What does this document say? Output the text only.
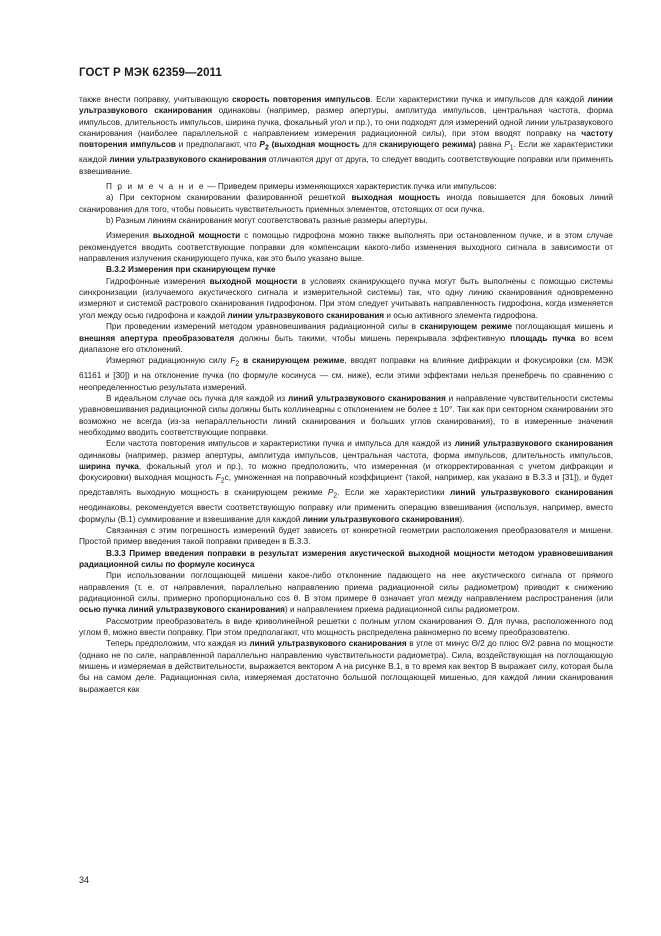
ГОСТ Р МЭК 62359—2011

также внести поправку, учитывающую скорость повторения импульсов. Если характеристики пучка и импульсов для каждой линии ультразвукового сканирования одинаковы (например, размер апертуры, амплитуда импульсов, центральная частота, форма импульсов, длительность импульсов, ширина пучка, фокальный угол и пр.), то они подходят для измерений одной линии ультразвукового сканирования (наиболее параллельной с направлением измерения радиационной силы), при этом вводят поправку на частоту повторения импульсов и предполагают, что $P_2$ (выходная мощность для сканирующего режима) равна $P_1$. Если же характеристики каждой линии ультразвукового сканирования отличаются друг от друга, то следует вводить соответствующие поправки или применять взвешивание.

П р и м е ч а н и е — Приведем примеры изменяющихся характеристик пучка или импульсов:

а) При секторном сканировании фазированной решеткой выходная мощность иногда повышается для боковых линий сканирования для того, чтобы повысить чувствительность приемных элементов, отстоящих от оси пучка.

b) Разным линиям сканирования могут соответствовать разные размеры апертуры.

Измерения выходной мощности с помощью гидрофона можно также выполнять при остановленном пучке, и в этом случае рекомендуется вводить соответствующие поправки для компенсации какого-либо изменения выходного сигнала в зависимости от направления излучения сканирующего пучка, как это было указано выше.

B.3.2 Измерения при сканирующем пучке

Гидрофонные измерения выходной мощности в условиях сканирующего пучка могут быть выполнены с помощью системы синхронизации (излучаемого акустического сигнала и измерительной системы) так, что одну линию сканирования одновременно измеряют и системой растрового сканирования гидрофоном. При этом следует учитывать направленность гидрофона, когда изменяется угол между осью гидрофона и каждой линии ультразвукового сканирования и осью активного элемента гидрофона.

При проведении измерений методом уравновешивания радиационной силы в сканирующем режиме поглощающая мишень и внешняя апертура преобразователя должны быть такими, чтобы мишень перекрывала эффективную площадь пучка во всем диапазоне его отклонений.

Измеряют радиационную силу $F_2$ в сканирующем режиме, вводят поправки на влияние дифракции и фокусировки (см. МЭК 61161 и [30]) и на отклонение пучка (по формуле косинуса — см. ниже), если этими эффектами нельзя пренебречь по сравнению с неопределенностью результата измерений.

В идеальном случае ось пучка для каждой из линий ультразвукового сканирования и направление чувствительности системы уравновешивания радиационной силы должны быть коллинеарны с отклонением не более ± 10°. Так как при секторном сканировании это возможно не всегда (из-за непараллельности линий сканирования и больших углов сканирования), то в измеренные значения необходимо вводить соответствующие поправки.

Если частота повторения импульсов и характеристики пучка и импульса для каждой из линий ультразвукового сканирования одинаковы (например, размер апертуры, амплитуда импульсов, центральная частота, форма импульсов, длительность импульсов, ширина пучка, фокальный угол и пр.), то можно предположить, что измеренная (и откорректированная с учетом дифракции и фокусировки) выходная мощность $F_2c$, умноженная на поправочный коэффициент (такой, например, как указано в B.3.3 и [31]), и будет представлять выходную мощность в сканирующем режиме $P_2$. Если же характеристики линий ультразвукового сканирования неодинаковы, рекомендуется ввести соответствующую поправку или применить операцию взвешивания (используя, например, вместо формулы (B.1) суммирование и взвешивание для каждой линии ультразвукового сканирования).

Связанная с этим погрешность измерений будет зависеть от конкретной геометрии расположения преобразователя и мишени. Простой пример введения такой поправки приведен в B.3.3.

B.3.3 Пример введения поправки в результат измерения акустической выходной мощности методом уравновешивания радиационной силы по формуле косинуса

При использовании поглощающей мишени какое-либо отклонение падающего на нее акустического сигнала от прямого направления (т. е. от направления, параллельно направлению приема радиационной силы радиометром) приводит к снижению радиационной силы, примерно пропорционально cos θ. В этом примере θ означает угол между направлением распространения (или осью пучка линий ультразвукового сканирования) и направлением приема радиационной силы радиометром.

Рассмотрим преобразователь в виде криволинейной решетки с полным углом сканирования Θ. Для пучка, расположенного под углом θ, можно ввести поправку. При этом предполагают, что мощность распределена равномерно по всему преобразователю.

Теперь предположим, что каждая из линий ультразвукового сканирования в угле от минус Θ/2 до плюс Θ/2 равна по мощности (однако не по силе, направленной параллельно направлению чувствительности радиометра). Сила, воздействующая на поглощающую мишень и измеряемая в действительности, выражается вектором А на рисунке B.1, в то время как вектор B выражает силу, которая была бы на самом деле. Радиационная сила, измеряемая достаточно большой поглощающей мишенью, для каждой линии сканирования выражается как

34
